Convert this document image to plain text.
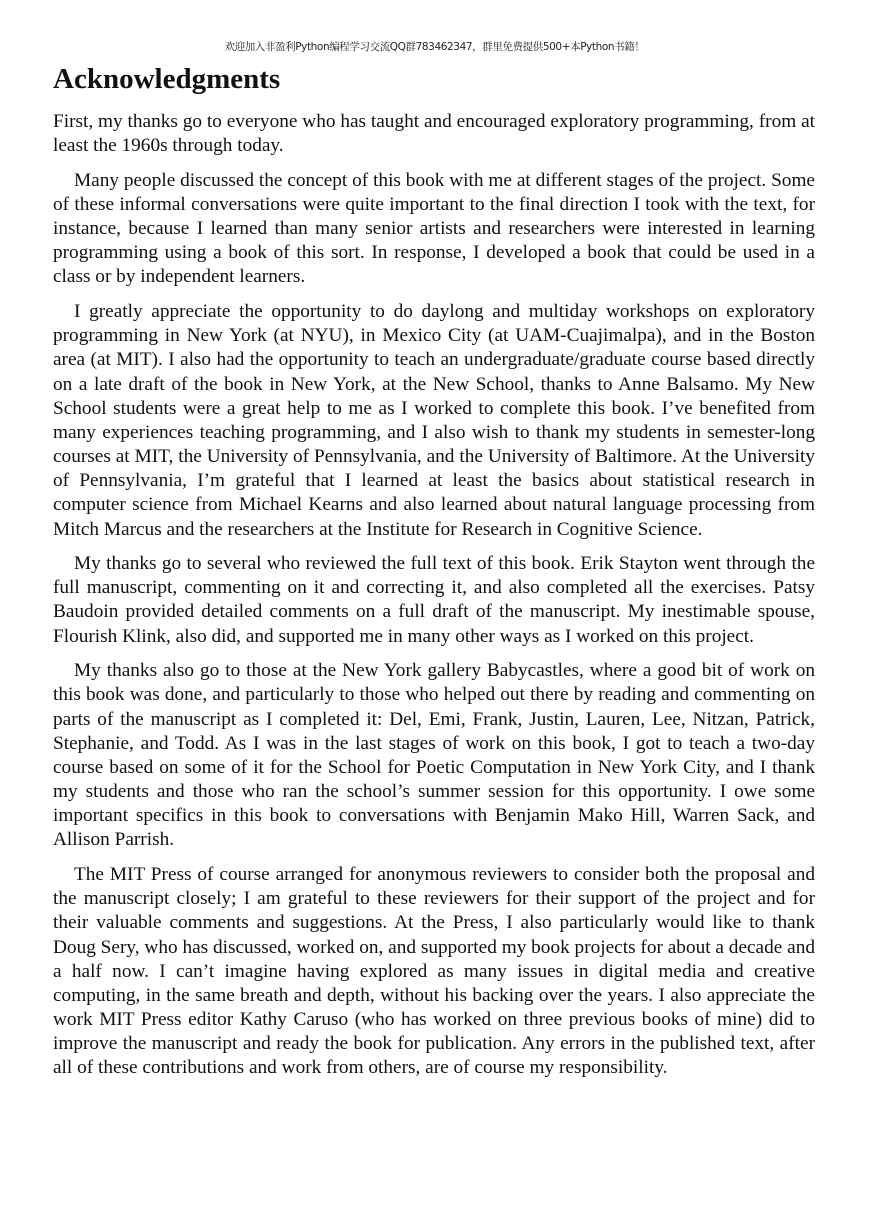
欢迎加入非盈利Python编程学习交流QQ群783462347，群里免费提供500+本Python书籍！
Acknowledgments

First, my thanks go to everyone who has taught and encouraged exploratory programming, from at least the 1960s through today.

Many people discussed the concept of this book with me at different stages of the project. Some of these informal conversations were quite important to the final direction I took with the text, for instance, because I learned than many senior artists and researchers were interested in learning programming using a book of this sort. In response, I developed a book that could be used in a class or by independent learners.

I greatly appreciate the opportunity to do daylong and multiday workshops on exploratory programming in New York (at NYU), in Mexico City (at UAM-Cuajimalpa), and in the Boston area (at MIT). I also had the opportunity to teach an undergraduate/graduate course based directly on a late draft of the book in New York, at the New School, thanks to Anne Balsamo. My New School students were a great help to me as I worked to complete this book. I’ve benefited from many experiences teaching programming, and I also wish to thank my students in semester-long courses at MIT, the University of Pennsylvania, and the University of Baltimore. At the University of Pennsylvania, I’m grateful that I learned at least the basics about statistical research in computer science from Michael Kearns and also learned about natural language processing from Mitch Marcus and the researchers at the Institute for Research in Cognitive Science.

My thanks go to several who reviewed the full text of this book. Erik Stayton went through the full manuscript, commenting on it and correcting it, and also completed all the exercises. Patsy Baudoin provided detailed comments on a full draft of the manuscript. My inestimable spouse, Flourish Klink, also did, and supported me in many other ways as I worked on this project.

My thanks also go to those at the New York gallery Babycastles, where a good bit of work on this book was done, and particularly to those who helped out there by reading and commenting on parts of the manuscript as I completed it: Del, Emi, Frank, Justin, Lauren, Lee, Nitzan, Patrick, Stephanie, and Todd. As I was in the last stages of work on this book, I got to teach a two-day course based on some of it for the School for Poetic Computation in New York City, and I thank my students and those who ran the school’s summer session for this opportunity. I owe some important specifics in this book to conversations with Benjamin Mako Hill, Warren Sack, and Allison Parrish.

The MIT Press of course arranged for anonymous reviewers to consider both the proposal and the manuscript closely; I am grateful to these reviewers for their support of the project and for their valuable comments and suggestions. At the Press, I also particularly would like to thank Doug Sery, who has discussed, worked on, and supported my book projects for about a decade and a half now. I can’t imagine having explored as many issues in digital media and creative computing, in the same breath and depth, without his backing over the years. I also appreciate the work MIT Press editor Kathy Caruso (who has worked on three previous books of mine) did to improve the manuscript and ready the book for publication. Any errors in the published text, after all of these contributions and work from others, are of course my responsibility.
